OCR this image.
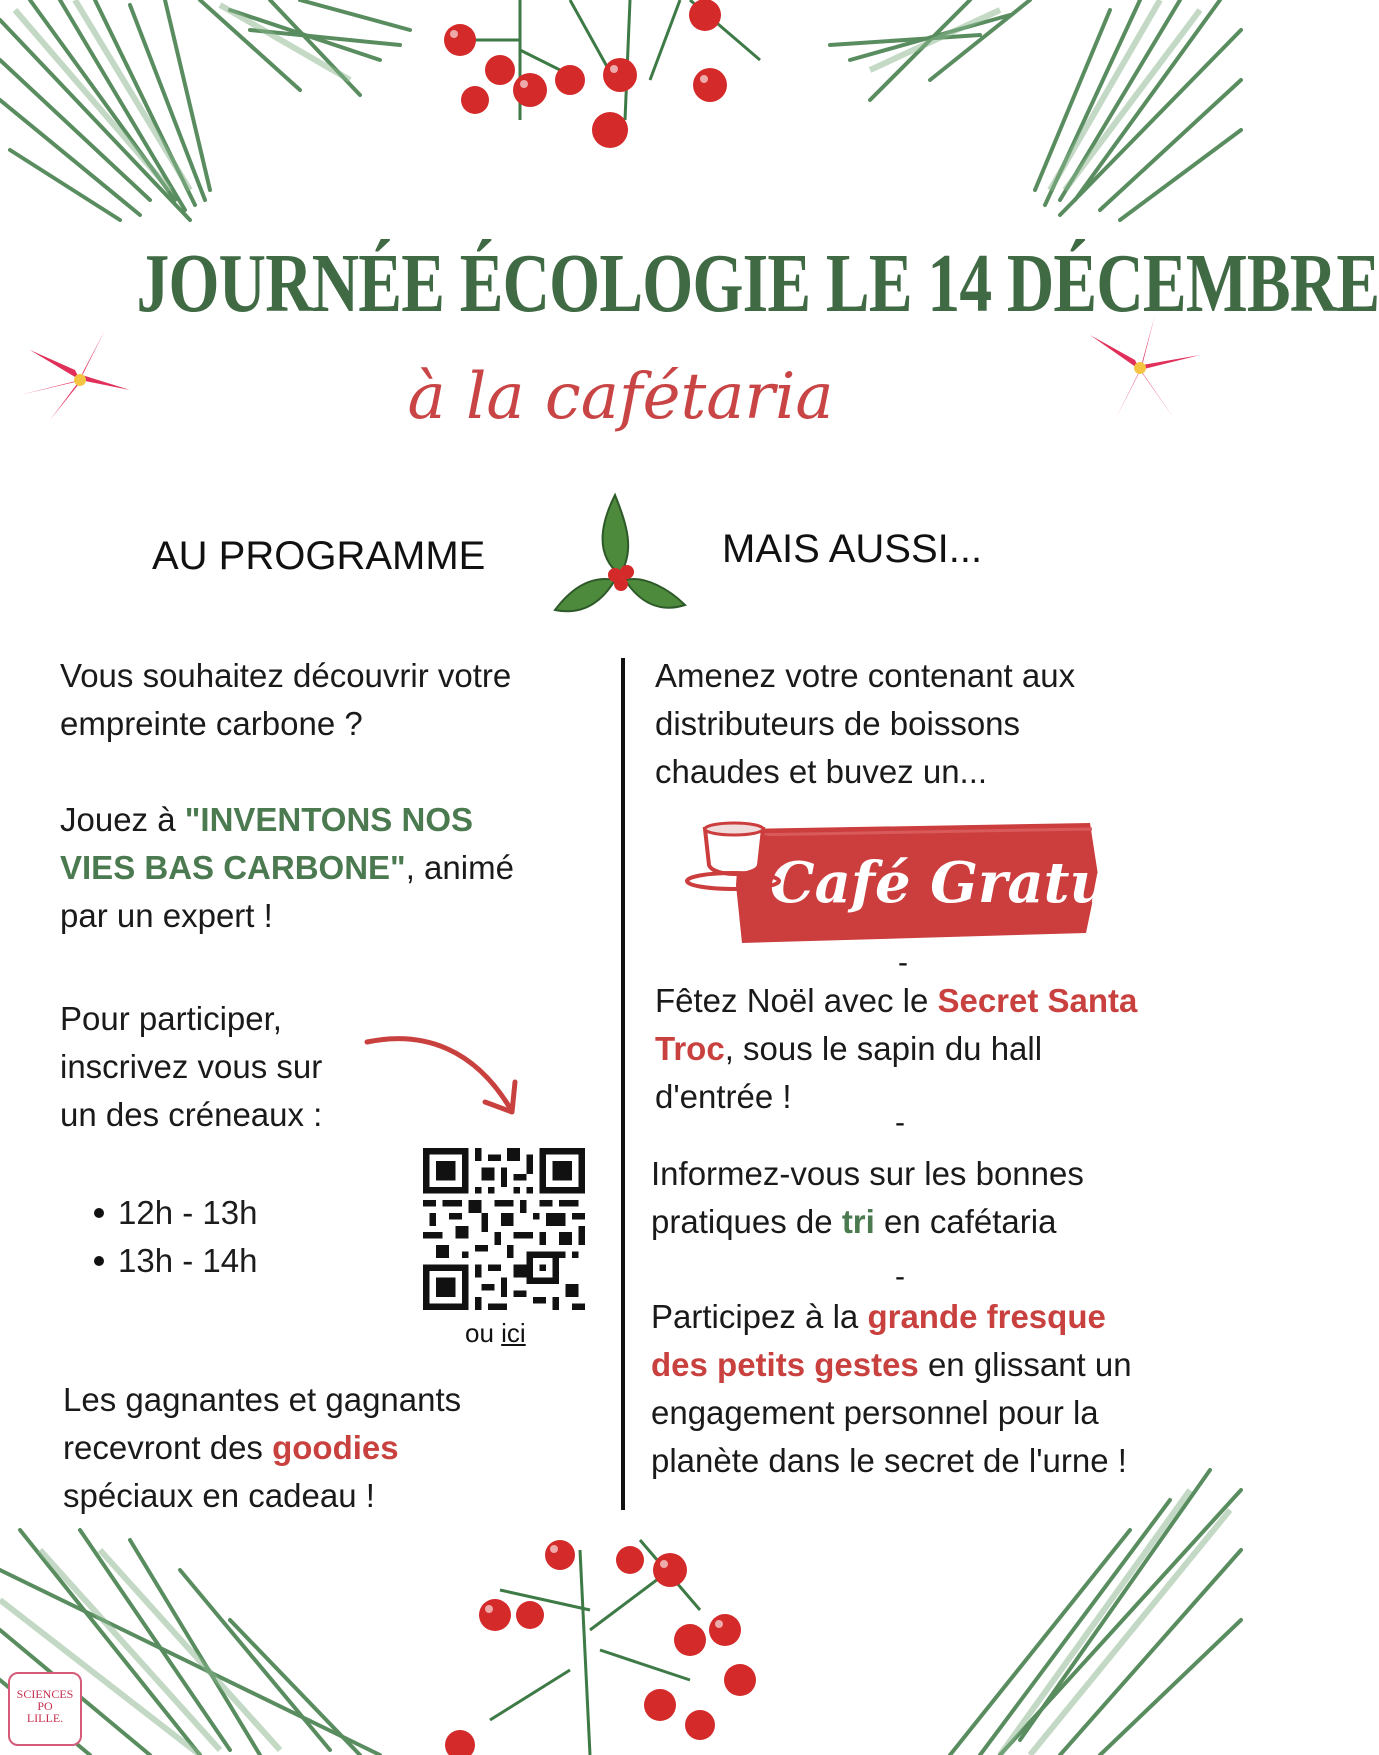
JOURNÉE ÉCOLOGIE LE 14 DÉCEMBRE
à la cafétaria
AU PROGRAMME	MAIS AUSSI...
Vous souhaitez découvrir votre
empreinte carbone ?
Jouez à "INVENTONS NOS
VIES BAS CARBONE", animé
par un expert !
Pour participer,
inscrivez vous sur
un des créneaux :
12h - 13h
13h - 14h
ou ici
Les gagnantes et gagnants
recevront des goodies
spéciaux en cadeau !
Amenez votre contenant aux
distributeurs de boissons
chaudes et buvez un...
Café Gratuit
-
Fêtez Noël avec le Secret Santa
Troc, sous le sapin du hall
d'entrée !
-
Informez-vous sur les bonnes
pratiques de tri en cafétaria
-
Participez à la grande fresque
des petits gestes en glissant un
engagement personnel pour la
planète dans le secret de l'urne !
SCIENCES
PO
LILLE.
